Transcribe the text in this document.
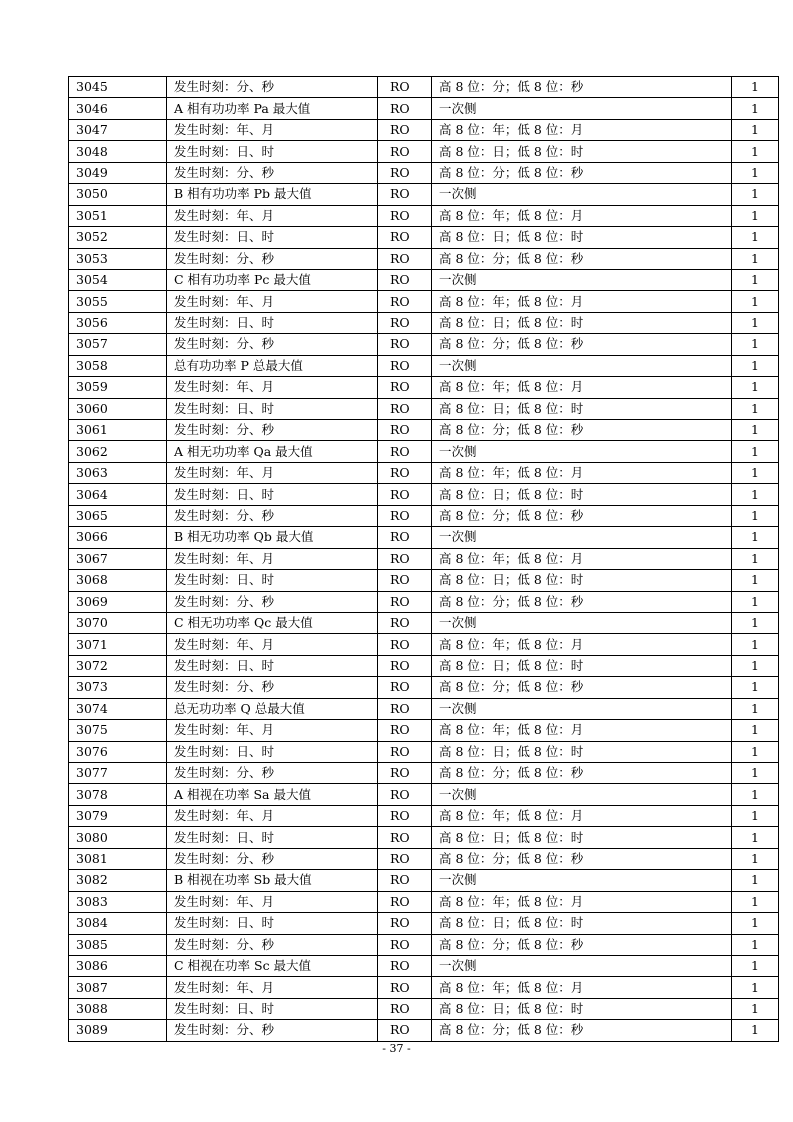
3045	发生时刻：分、秒	RO	高 8 位：分；低 8 位：秒	1
3046	A 相有功功率 Pa 最大值	RO	一次侧	1
3047	发生时刻：年、月	RO	高 8 位：年；低 8 位：月	1
3048	发生时刻：日、时	RO	高 8 位：日；低 8 位：时	1
3049	发生时刻：分、秒	RO	高 8 位：分；低 8 位：秒	1
3050	B 相有功功率 Pb 最大值	RO	一次侧	1
3051	发生时刻：年、月	RO	高 8 位：年；低 8 位：月	1
3052	发生时刻：日、时	RO	高 8 位：日；低 8 位：时	1
3053	发生时刻：分、秒	RO	高 8 位：分；低 8 位：秒	1
3054	C 相有功功率 Pc 最大值	RO	一次侧	1
3055	发生时刻：年、月	RO	高 8 位：年；低 8 位：月	1
3056	发生时刻：日、时	RO	高 8 位：日；低 8 位：时	1
3057	发生时刻：分、秒	RO	高 8 位：分；低 8 位：秒	1
3058	总有功功率 P 总最大值	RO	一次侧	1
3059	发生时刻：年、月	RO	高 8 位：年；低 8 位：月	1
3060	发生时刻：日、时	RO	高 8 位：日；低 8 位：时	1
3061	发生时刻：分、秒	RO	高 8 位：分；低 8 位：秒	1
3062	A 相无功功率 Qa 最大值	RO	一次侧	1
3063	发生时刻：年、月	RO	高 8 位：年；低 8 位：月	1
3064	发生时刻：日、时	RO	高 8 位：日；低 8 位：时	1
3065	发生时刻：分、秒	RO	高 8 位：分；低 8 位：秒	1
3066	B 相无功功率 Qb 最大值	RO	一次侧	1
3067	发生时刻：年、月	RO	高 8 位：年；低 8 位：月	1
3068	发生时刻：日、时	RO	高 8 位：日；低 8 位：时	1
3069	发生时刻：分、秒	RO	高 8 位：分；低 8 位：秒	1
3070	C 相无功功率 Qc 最大值	RO	一次侧	1
3071	发生时刻：年、月	RO	高 8 位：年；低 8 位：月	1
3072	发生时刻：日、时	RO	高 8 位：日；低 8 位：时	1
3073	发生时刻：分、秒	RO	高 8 位：分；低 8 位：秒	1
3074	总无功功率 Q 总最大值	RO	一次侧	1
3075	发生时刻：年、月	RO	高 8 位：年；低 8 位：月	1
3076	发生时刻：日、时	RO	高 8 位：日；低 8 位：时	1
3077	发生时刻：分、秒	RO	高 8 位：分；低 8 位：秒	1
3078	A 相视在功率 Sa 最大值	RO	一次侧	1
3079	发生时刻：年、月	RO	高 8 位：年；低 8 位：月	1
3080	发生时刻：日、时	RO	高 8 位：日；低 8 位：时	1
3081	发生时刻：分、秒	RO	高 8 位：分；低 8 位：秒	1
3082	B 相视在功率 Sb 最大值	RO	一次侧	1
3083	发生时刻：年、月	RO	高 8 位：年；低 8 位：月	1
3084	发生时刻：日、时	RO	高 8 位：日；低 8 位：时	1
3085	发生时刻：分、秒	RO	高 8 位：分；低 8 位：秒	1
3086	C 相视在功率 Sc 最大值	RO	一次侧	1
3087	发生时刻：年、月	RO	高 8 位：年；低 8 位：月	1
3088	发生时刻：日、时	RO	高 8 位：日；低 8 位：时	1
3089	发生时刻：分、秒	RO	高 8 位：分；低 8 位：秒	1
- 37 -
